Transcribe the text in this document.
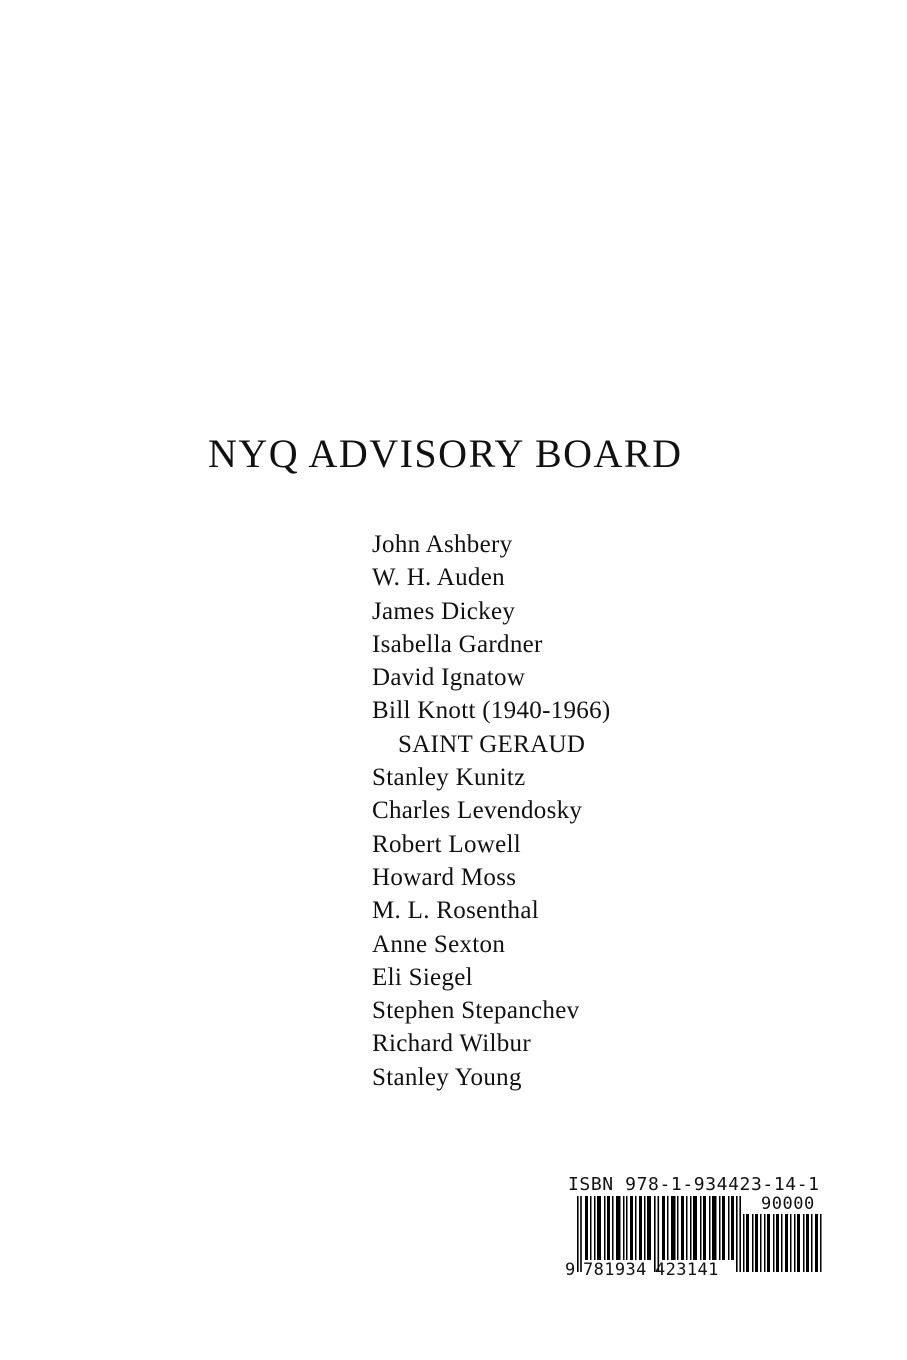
NYQ ADVISORY BOARD
John Ashbery
W. H. Auden
James Dickey
Isabella Gardner
David Ignatow
Bill Knott (1940-1966)
SAINT GERAUD
Stanley Kunitz
Charles Levendosky
Robert Lowell
Howard Moss
M. L. Rosenthal
Anne Sexton
Eli Siegel
Stephen Stepanchev
Richard Wilbur
Stanley Young
ISBN 978-1-934423-14-1
90000
9 781934 423141
